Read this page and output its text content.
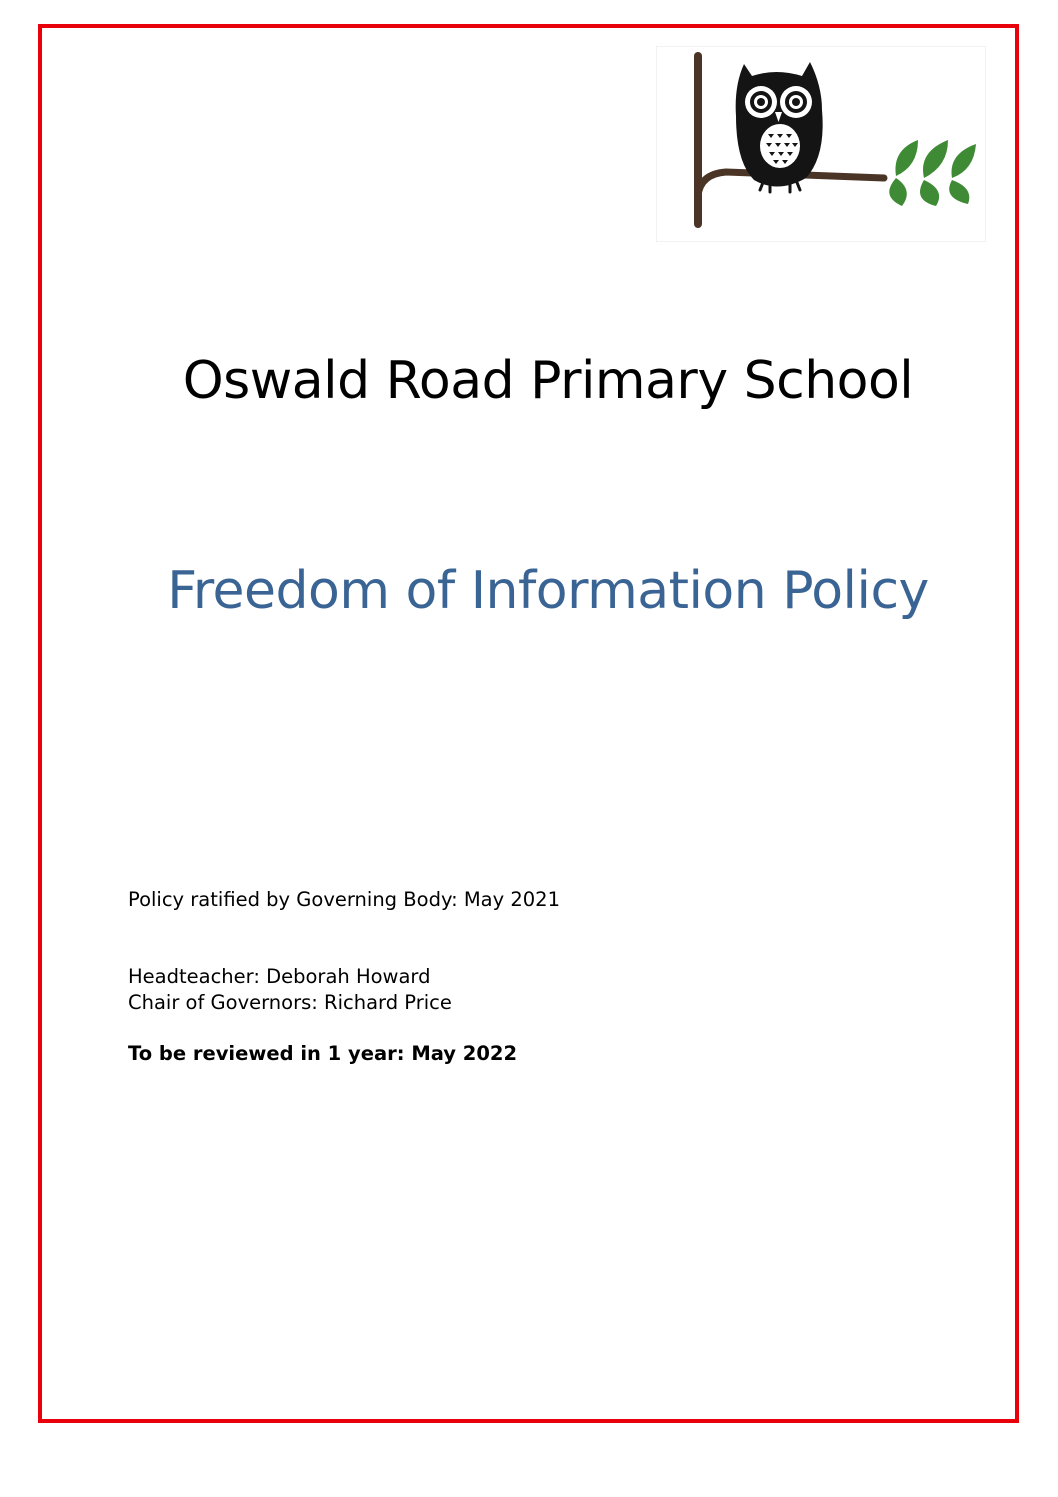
Oswald Road Primary School
Freedom of Information Policy
Policy ratified by Governing Body: May 2021
Headteacher: Deborah Howard
Chair of Governors: Richard Price
To be reviewed in 1 year: May 2022
